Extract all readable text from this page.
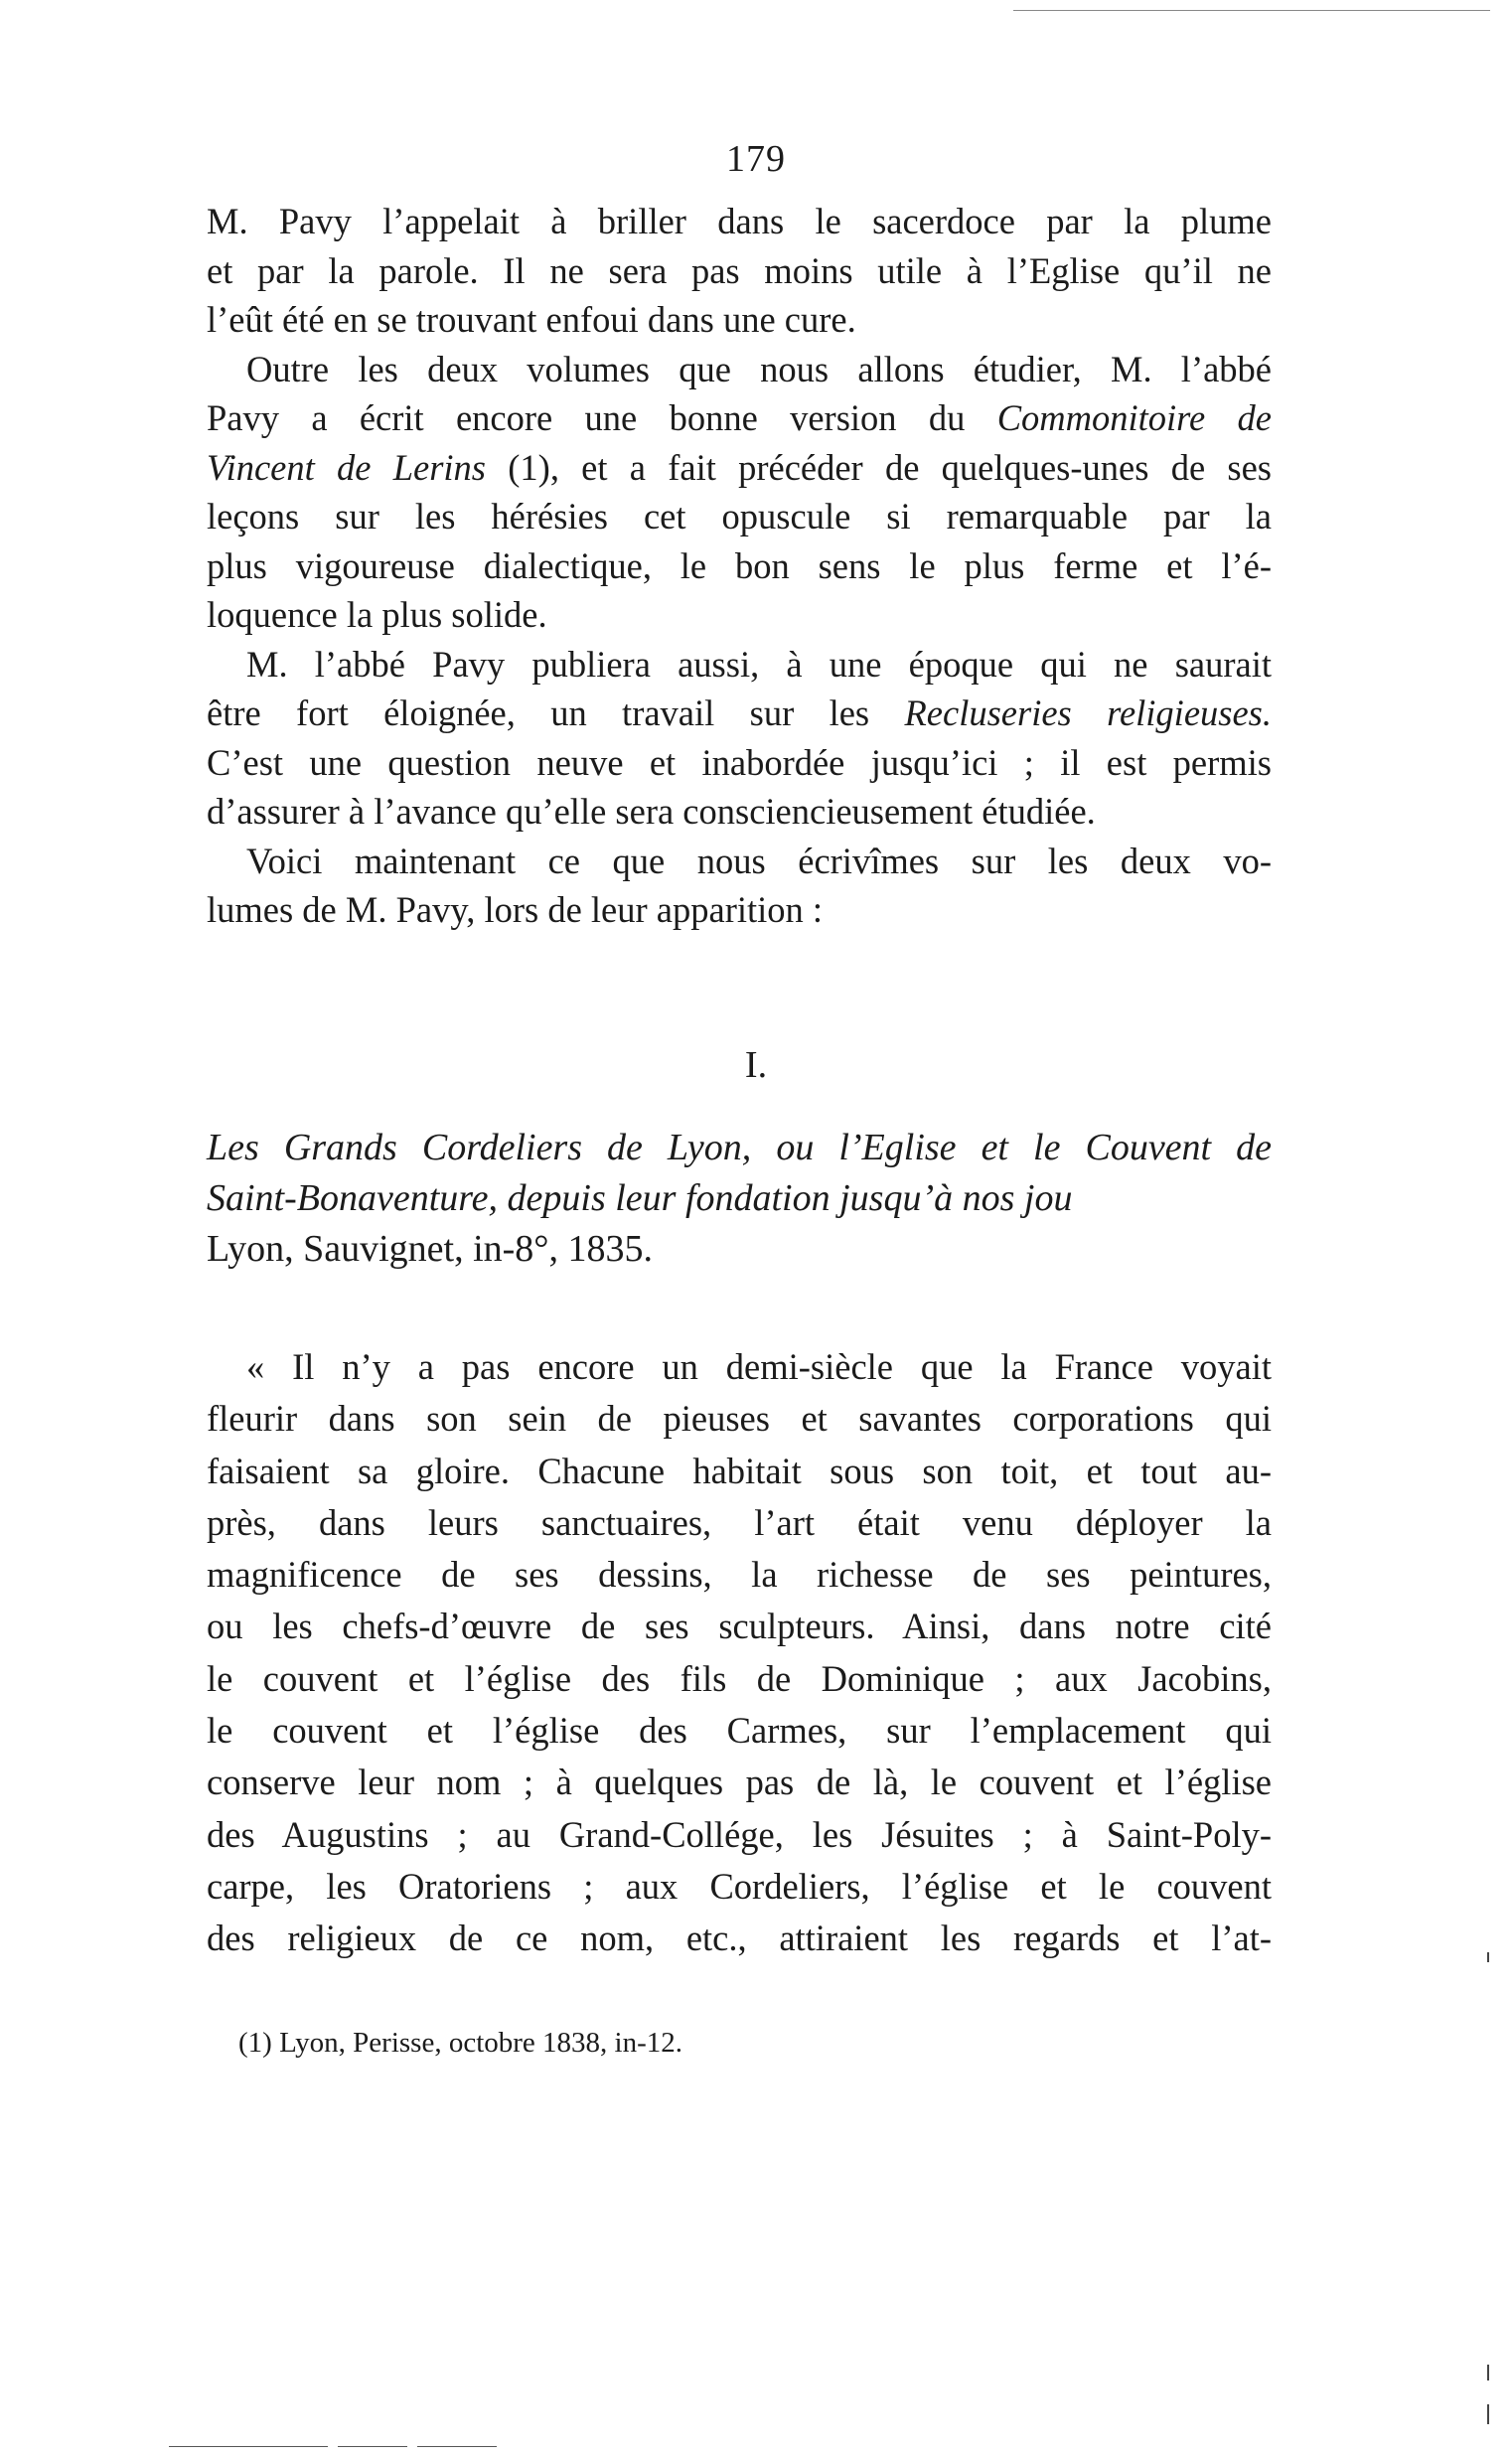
179
M. Pavy l’appelait à briller dans le sacerdoce par la plume
et par la parole. Il ne sera pas moins utile à l’Eglise qu’il ne
l’eût été en se trouvant enfoui dans une cure.
Outre les deux volumes que nous allons étudier, M. l’abbé
Pavy a écrit encore une bonne version du Commonitoire de
Vincent de Lerins (1), et a fait précéder de quelques-unes de ses
leçons sur les hérésies cet opuscule si remarquable par la
plus vigoureuse dialectique, le bon sens le plus ferme et l’é-
loquence la plus solide.
M. l’abbé Pavy publiera aussi, à une époque qui ne saurait
être fort éloignée, un travail sur les Recluseries religieuses.
C’est une question neuve et inabordée jusqu’ici ; il est permis
d’assurer à l’avance qu’elle sera consciencieusement étudiée.
Voici maintenant ce que nous écrivîmes sur les deux vo-
lumes de M. Pavy, lors de leur apparition :
I.
Les Grands Cordeliers de Lyon, ou l’Eglise et le Couvent de
Saint-Bonaventure, depuis leur fondation jusqu’à nos jou
Lyon, Sauvignet, in-8°, 1835.
« Il n’y a pas encore un demi-siècle que la France voyait
fleurir dans son sein de pieuses et savantes corporations qui
faisaient sa gloire. Chacune habitait sous son toit, et tout au-
près, dans leurs sanctuaires, l’art était venu déployer la
magnificence de ses dessins, la richesse de ses peintures,
ou les chefs-d’œuvre de ses sculpteurs. Ainsi, dans notre cité
le couvent et l’église des fils de Dominique ; aux Jacobins,
le couvent et l’église des Carmes, sur l’emplacement qui
conserve leur nom ; à quelques pas de là, le couvent et l’église
des Augustins ; au Grand-Collége, les Jésuites ; à Saint-Poly-
carpe, les Oratoriens ; aux Cordeliers, l’église et le couvent
des religieux de ce nom, etc., attiraient les regards et l’at-
(1) Lyon, Perisse, octobre 1838, in-12.
